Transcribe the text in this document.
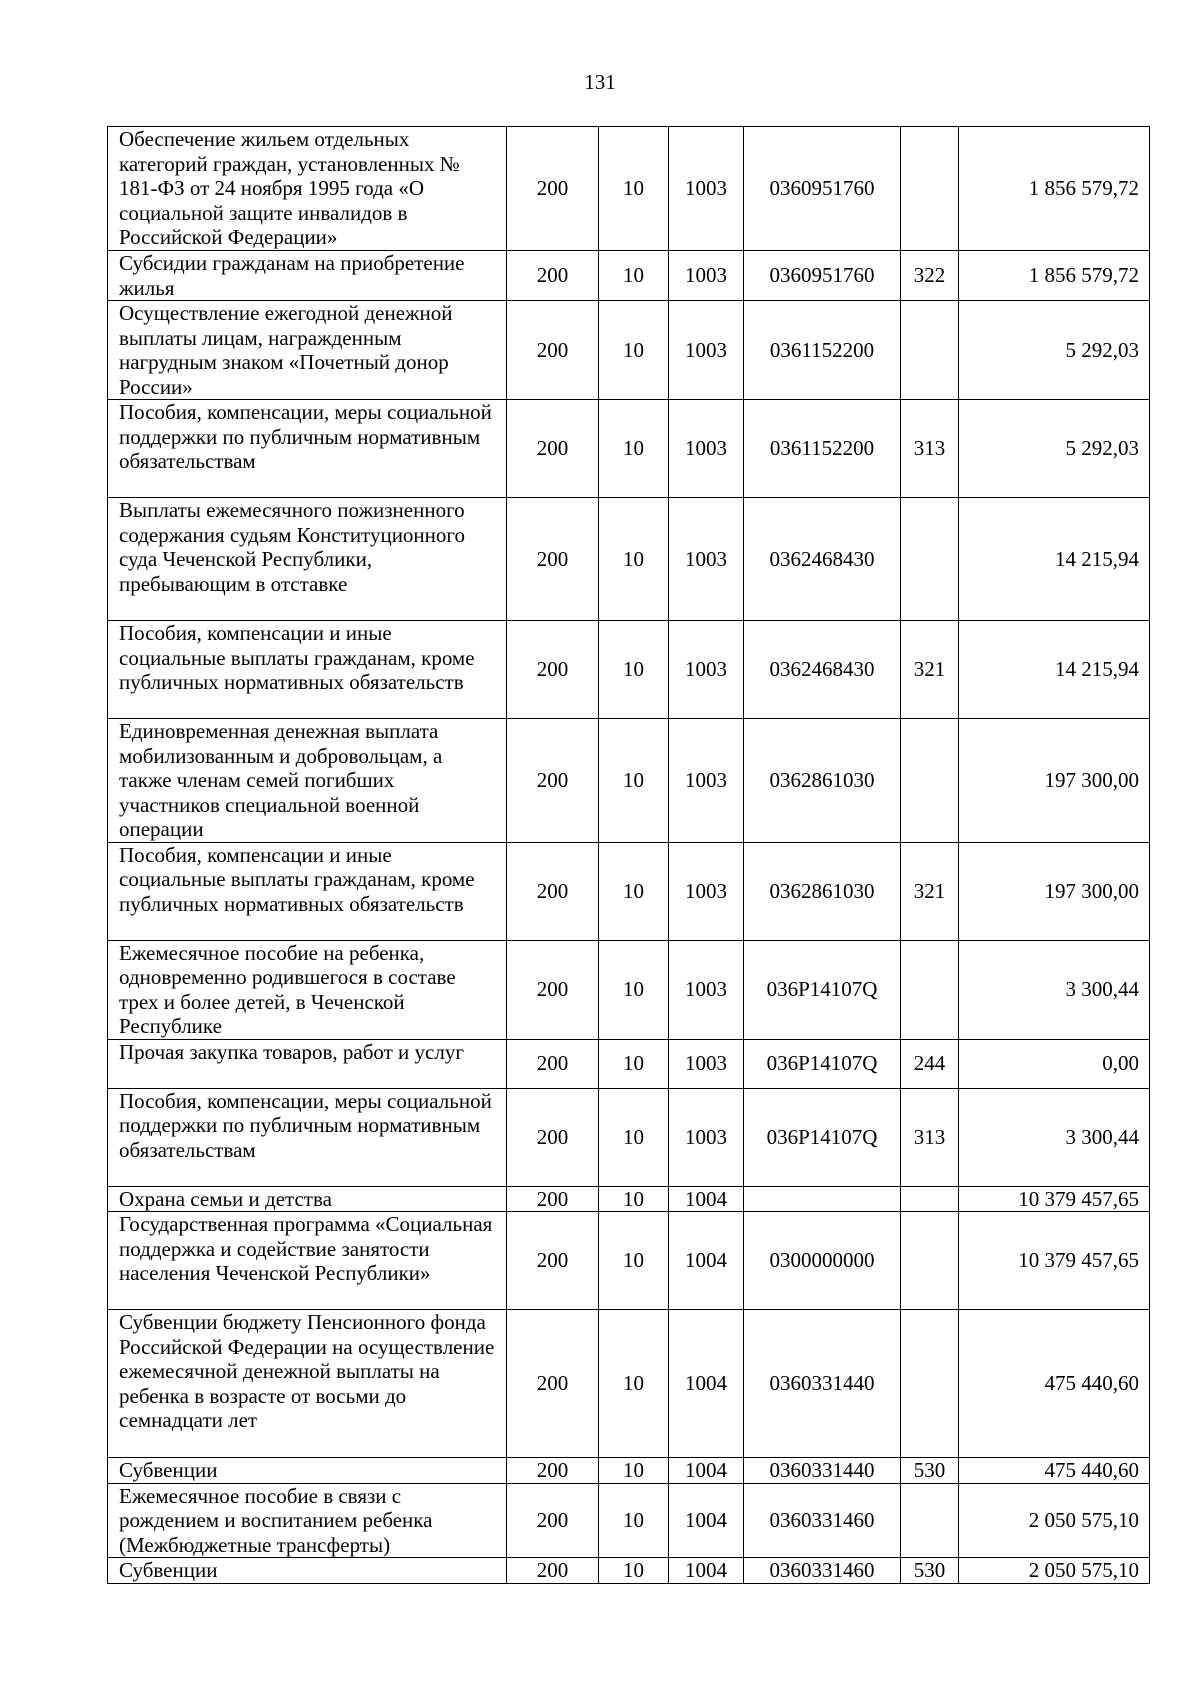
131
Обеспечение жильем отдельных категорий граждан, установленных № 181-ФЗ от 24 ноября 1995 года «О социальной защите инвалидов в Российской Федерации»	200	10	1003	0360951760		1 856 579,72
Субсидии гражданам на приобретение жилья	200	10	1003	0360951760	322	1 856 579,72
Осуществление ежегодной денежной выплаты лицам, награжденным нагрудным знаком «Почетный донор России»	200	10	1003	0361152200		5 292,03
Пособия, компенсации, меры социальной поддержки по публичным нормативным обязательствам	200	10	1003	0361152200	313	5 292,03
Выплаты ежемесячного пожизненного содержания судьям Конституционного суда Чеченской Республики, пребывающим в отставке	200	10	1003	0362468430		14 215,94
Пособия, компенсации и иные социальные выплаты гражданам, кроме публичных нормативных обязательств	200	10	1003	0362468430	321	14 215,94
Единовременная денежная выплата мобилизованным и добровольцам, а также членам семей погибших участников специальной военной операции	200	10	1003	0362861030		197 300,00
Пособия, компенсации и иные социальные выплаты гражданам, кроме публичных нормативных обязательств	200	10	1003	0362861030	321	197 300,00
Ежемесячное пособие на ребенка, одновременно родившегося в составе трех и более детей, в Чеченской Республике	200	10	1003	036P14107Q		3 300,44
Прочая закупка товаров, работ и услуг	200	10	1003	036P14107Q	244	0,00
Пособия, компенсации, меры социальной поддержки по публичным нормативным обязательствам	200	10	1003	036P14107Q	313	3 300,44
Охрана семьи и детства	200	10	1004			10 379 457,65
Государственная программа «Социальная поддержка и содействие занятости населения Чеченской Республики»	200	10	1004	0300000000		10 379 457,65
Субвенции бюджету Пенсионного фонда Российской Федерации на осуществление ежемесячной денежной выплаты на ребенка в возрасте от восьми до семнадцати лет	200	10	1004	0360331440		475 440,60
Субвенции	200	10	1004	0360331440	530	475 440,60
Ежемесячное пособие в связи с рождением и воспитанием ребенка (Межбюджетные трансферты)	200	10	1004	0360331460		2 050 575,10
Субвенции	200	10	1004	0360331460	530	2 050 575,10
